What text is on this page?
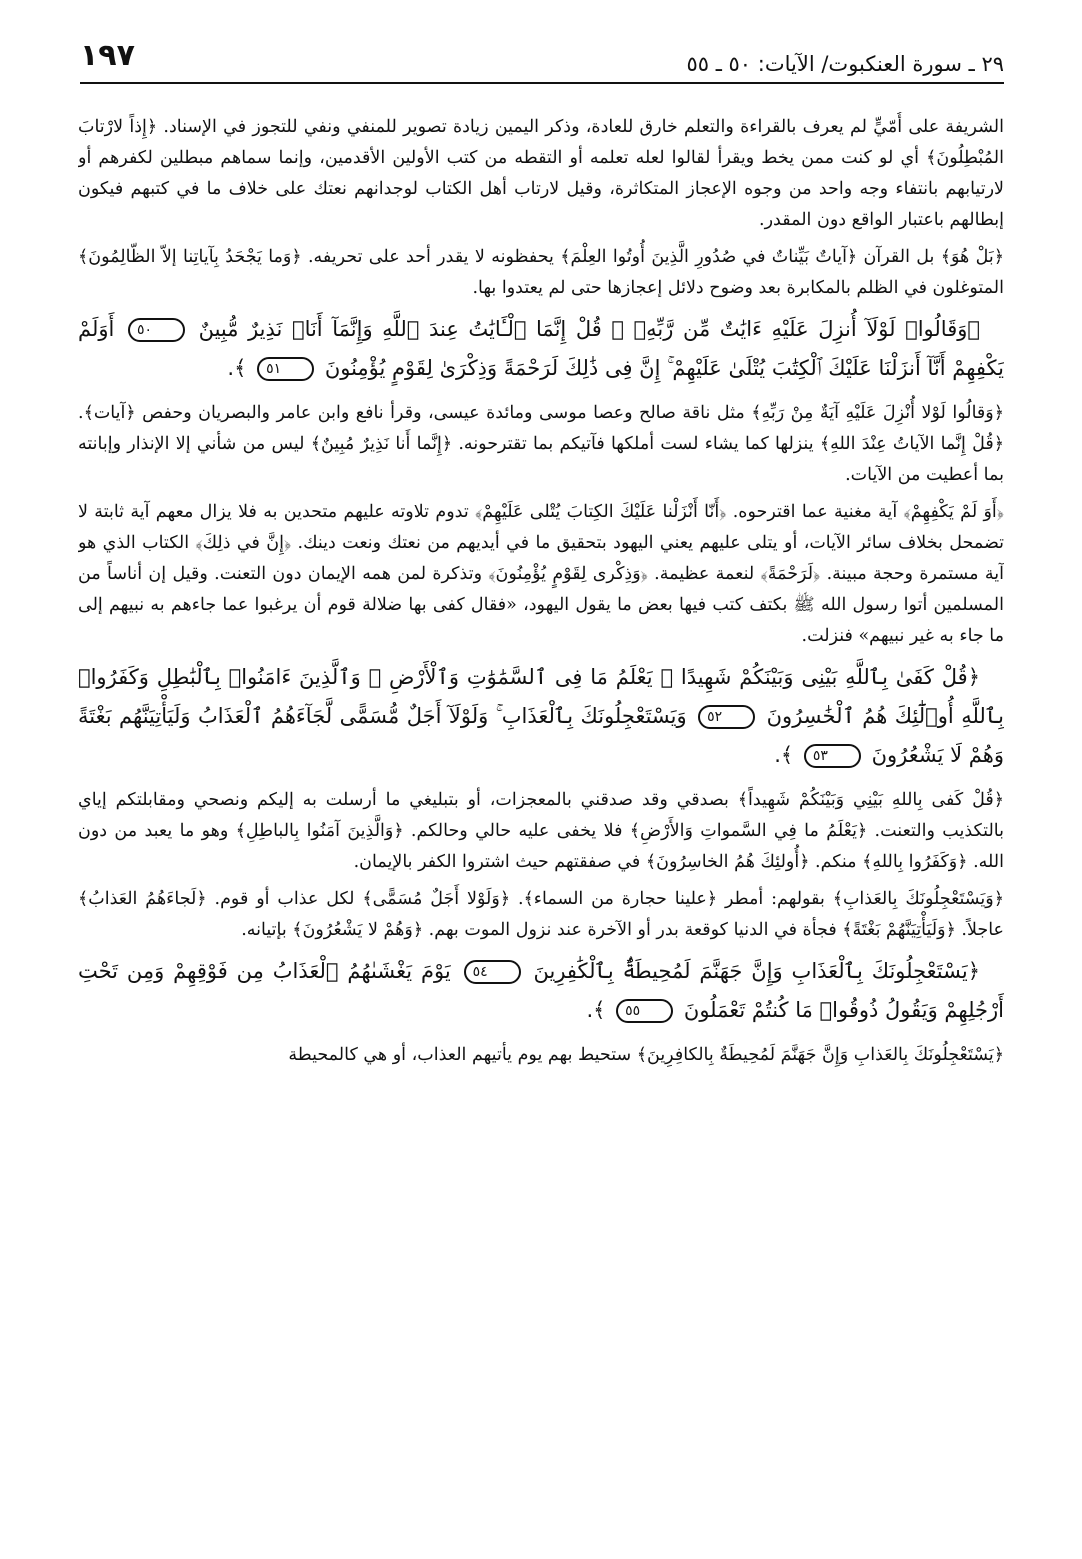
١٩٧	٢٩ ـ سورة العنكبوت/ الآيات: ٥٠ ـ ٥٥

الشريفة على أُمّيٍّ لم يعرف بالقراءة والتعلم خارق للعادة، وذكر اليمين زيادة تصوير للمنفي ونفي للتجوز في الإسناد. ﴿إِذاً لارْتابَ المُبْطِلُونَ﴾ أي لو كنت ممن يخط ويقرأ لقالوا لعله تعلمه أو التقطه من كتب الأولين الأقدمين، وإنما سماهم مبطلين لكفرهم أو لارتيابهم بانتفاء وجه واحد من وجوه الإعجاز المتكاثرة، وقيل لارتاب أهل الكتاب لوجدانهم نعتك على خلاف ما في كتبهم فيكون إبطالهم باعتبار الواقع دون المقدر.

﴿بَلْ هُوَ﴾ بل القرآن ﴿آياتٌ بَيِّناتٌ في صُدُورِ الَّذِينَ أُوتُوا العِلْمَ﴾ يحفظونه لا يقدر أحد على تحريفه. ﴿وَما يَجْحَدُ بِآياتِنا إلاّ الظّالِمُونَ﴾ المتوغلون في الظلم بالمكابرة بعد وضوح دلائل إعجازها حتى لم يعتدوا بها.

﴿وَقَالُوا۟ لَوْلَآ أُنزِلَ عَلَيْهِ ءَايَٰتٌ مِّن رَّبِّهِۦ ۖ قُلْ إِنَّمَا ٱلْـَٔايَٰتُ عِندَ ٱللَّهِ وَإِنَّمَآ أَنَا۠ نَذِيرٌ مُّبِينٌ ٥٠ أَوَلَمْ يَكْفِهِمْ أَنَّآ أَنزَلْنَا عَلَيْكَ ٱلْكِتَٰبَ يُتْلَىٰ عَلَيْهِمْ ۚ إِنَّ فِى ذَٰلِكَ لَرَحْمَةً وَذِكْرَىٰ لِقَوْمٍ يُؤْمِنُونَ ٥١ ﴾.

﴿وَقالُوا لَوْلا أُنْزِلَ عَلَيْهِ آيَةٌ مِنْ رَبِّهِ﴾ مثل ناقة صالح وعصا موسى ومائدة عيسى، وقرأ نافع وابن عامر والبصريان وحفص ﴿آيات﴾. ﴿قُلْ إِنَّما الآياتُ عِنْدَ اللهِ﴾ ينزلها كما يشاء لست أملكها فآتيكم بما تقترحونه. ﴿إِنَّما أَنا نَذِيرٌ مُبِينٌ﴾ ليس من شأني إلا الإنذار وإبانته بما أعطيت من الآيات.

﴿أَوَ لَمْ يَكْفِهِمْ﴾ آية مغنية عما اقترحوه. ﴿أَنّا أَنْزَلْنا عَلَيْكَ الكِتابَ يُتْلى عَلَيْهِمْ﴾ تدوم تلاوته عليهم متحدين به فلا يزال معهم آية ثابتة لا تضمحل بخلاف سائر الآيات، أو يتلى عليهم يعني اليهود بتحقيق ما في أيديهم من نعتك ونعت دينك. ﴿إِنَّ في ذلِكَ﴾ الكتاب الذي هو آية مستمرة وحجة مبينة. ﴿لَرَحْمَةً﴾ لنعمة عظيمة. ﴿وَذِكْرى لِقَوْمٍ يُؤْمِنُونَ﴾ وتذكرة لمن همه الإيمان دون التعنت. وقيل إن أناساً من المسلمين أتوا رسول الله ﷺ بكتف كتب فيها بعض ما يقول اليهود، «فقال كفى بها ضلالة قوم أن يرغبوا عما جاءهم به نبيهم إلى ما جاء به غير نبيهم» فنزلت.

﴿قُلْ كَفَىٰ بِٱللَّهِ بَيْنِى وَبَيْنَكُمْ شَهِيدًا ۖ يَعْلَمُ مَا فِى ٱلسَّمَٰوَٰتِ وَٱلْأَرْضِ ۗ وَٱلَّذِينَ ءَامَنُوا۟ بِٱلْبَٰطِلِ وَكَفَرُوا۟ بِٱللَّهِ أُو۟لَٰٓئِكَ هُمُ ٱلْخَٰسِرُونَ ٥٢ وَيَسْتَعْجِلُونَكَ بِٱلْعَذَابِ ۚ وَلَوْلَآ أَجَلٌ مُّسَمًّى لَّجَآءَهُمُ ٱلْعَذَابُ وَلَيَأْتِيَنَّهُم بَغْتَةً وَهُمْ لَا يَشْعُرُونَ ٥٣ ﴾.

﴿قُلْ كَفى بِاللهِ بَيْنِي وَبَيْنَكُمْ شَهِيداً﴾ بصدقي وقد صدقني بالمعجزات، أو بتبليغي ما أرسلت به إليكم ونصحي ومقابلتكم إياي بالتكذيب والتعنت. ﴿يَعْلَمُ ما فِي السَّمواتِ وَالأَرْضِ﴾ فلا يخفى عليه حالي وحالكم. ﴿وَالَّذِينَ آمَنُوا بِالباطِلِ﴾ وهو ما يعبد من دون الله. ﴿وَكَفَرُوا بِاللهِ﴾ منكم. ﴿أُولئِكَ هُمُ الخاسِرُونَ﴾ في صفقتهم حيث اشتروا الكفر بالإيمان.

﴿وَيَسْتَعْجِلُونَكَ بِالعَذابِ﴾ بقولهم: أمطر ﴿علينا حجارة من السماء﴾. ﴿وَلَوْلا أَجَلٌ مُسَمًّى﴾ لكل عذاب أو قوم. ﴿لَجاءَهُمُ العَذابُ﴾ عاجلاً. ﴿وَلَيَأْتِيَنَّهُمْ بَغْتَةً﴾ فجأة في الدنيا كوقعة بدر أو الآخرة عند نزول الموت بهم. ﴿وَهُمْ لا يَشْعُرُونَ﴾ بإتيانه.

﴿يَسْتَعْجِلُونَكَ بِٱلْعَذَابِ وَإِنَّ جَهَنَّمَ لَمُحِيطَةٌۢ بِٱلْكَٰفِرِينَ ٥٤ يَوْمَ يَغْشَىٰهُمُ ٱلْعَذَابُ مِن فَوْقِهِمْ وَمِن تَحْتِ أَرْجُلِهِمْ وَيَقُولُ ذُوقُوا۟ مَا كُنتُمْ تَعْمَلُونَ ٥٥ ﴾.

﴿يَسْتَعْجِلُونَكَ بِالعَذابِ وَإِنَّ جَهَنَّمَ لَمُحِيطَةٌ بِالكافِرِينَ﴾ ستحيط بهم يوم يأتيهم العذاب، أو هي كالمحيطة
